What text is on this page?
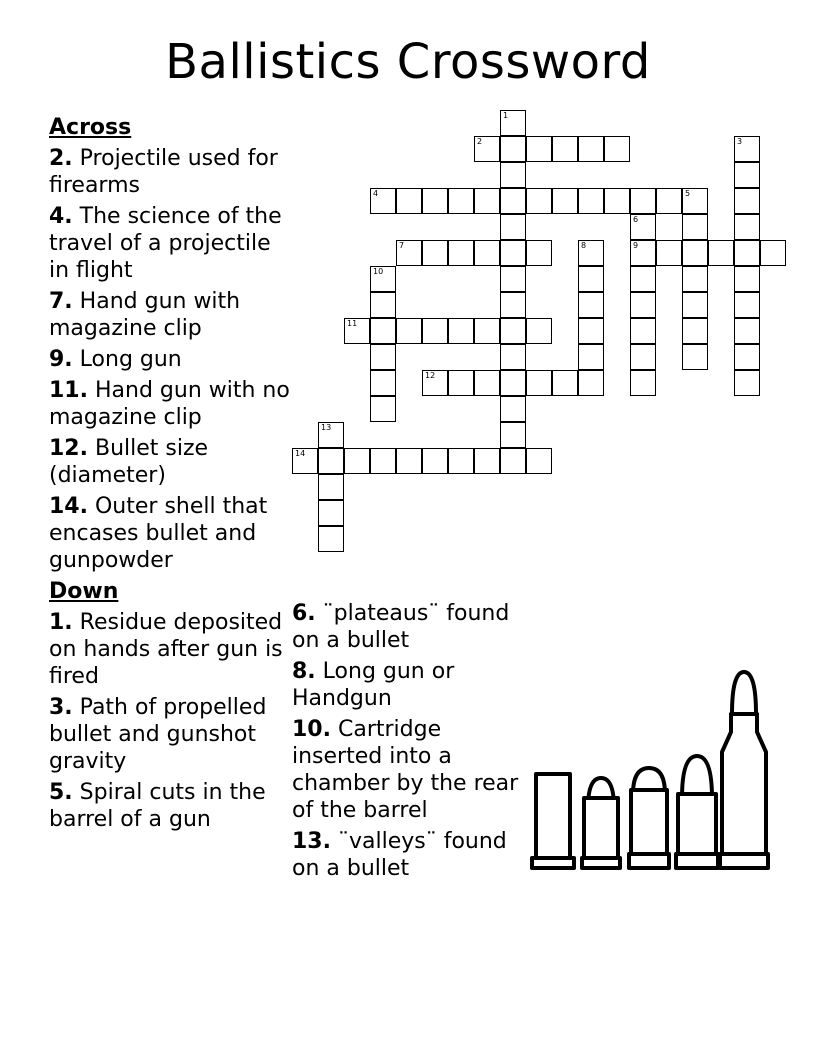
Ballistics Crossword
Across
2. Projectile used for firearms
4. The science of the travel of a projectile in flight
7. Hand gun with magazine clip
9. Long gun
11. Hand gun with no magazine clip
12. Bullet size (diameter)
14. Outer shell that encases bullet and gunpowder
Down
1. Residue deposited on hands after gun is fired
3. Path of propelled bullet and gunshot gravity
5. Spiral cuts in the barrel of a gun
6. ¨plateaus¨ found on a bullet
8. Long gun or Handgun
10. Cartridge inserted into a chamber by the rear of the barrel
13. ¨valleys¨ found on a bullet
2
4	5
7	9
11
12
14
1
3
6
8
10
13
